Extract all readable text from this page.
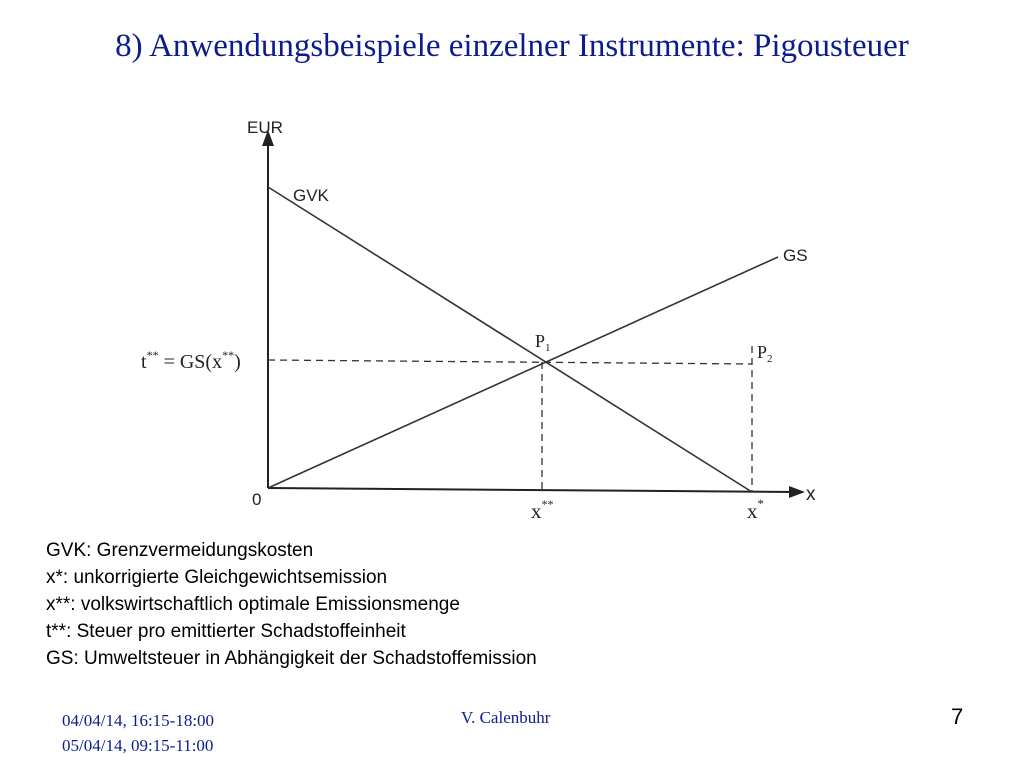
8) Anwendungsbeispiele einzelner Instrumente: Pigousteuer
EUR
0	x
GVK
GS
t** = GS(x**)
$P_1$	$P_2$
x**	x*
GVK: Grenzvermeidungskosten
x*: unkorrigierte Gleichgewichtsemission
x**: volkswirtschaftlich optimale Emissionsmenge
t**: Steuer pro emittierter Schadstoffeinheit
GS: Umweltsteuer in Abhängigkeit der Schadstoffemission
04/04/14, 16:15-18:00
05/04/14, 09:15-11:00
V. Calenbuhr	7
